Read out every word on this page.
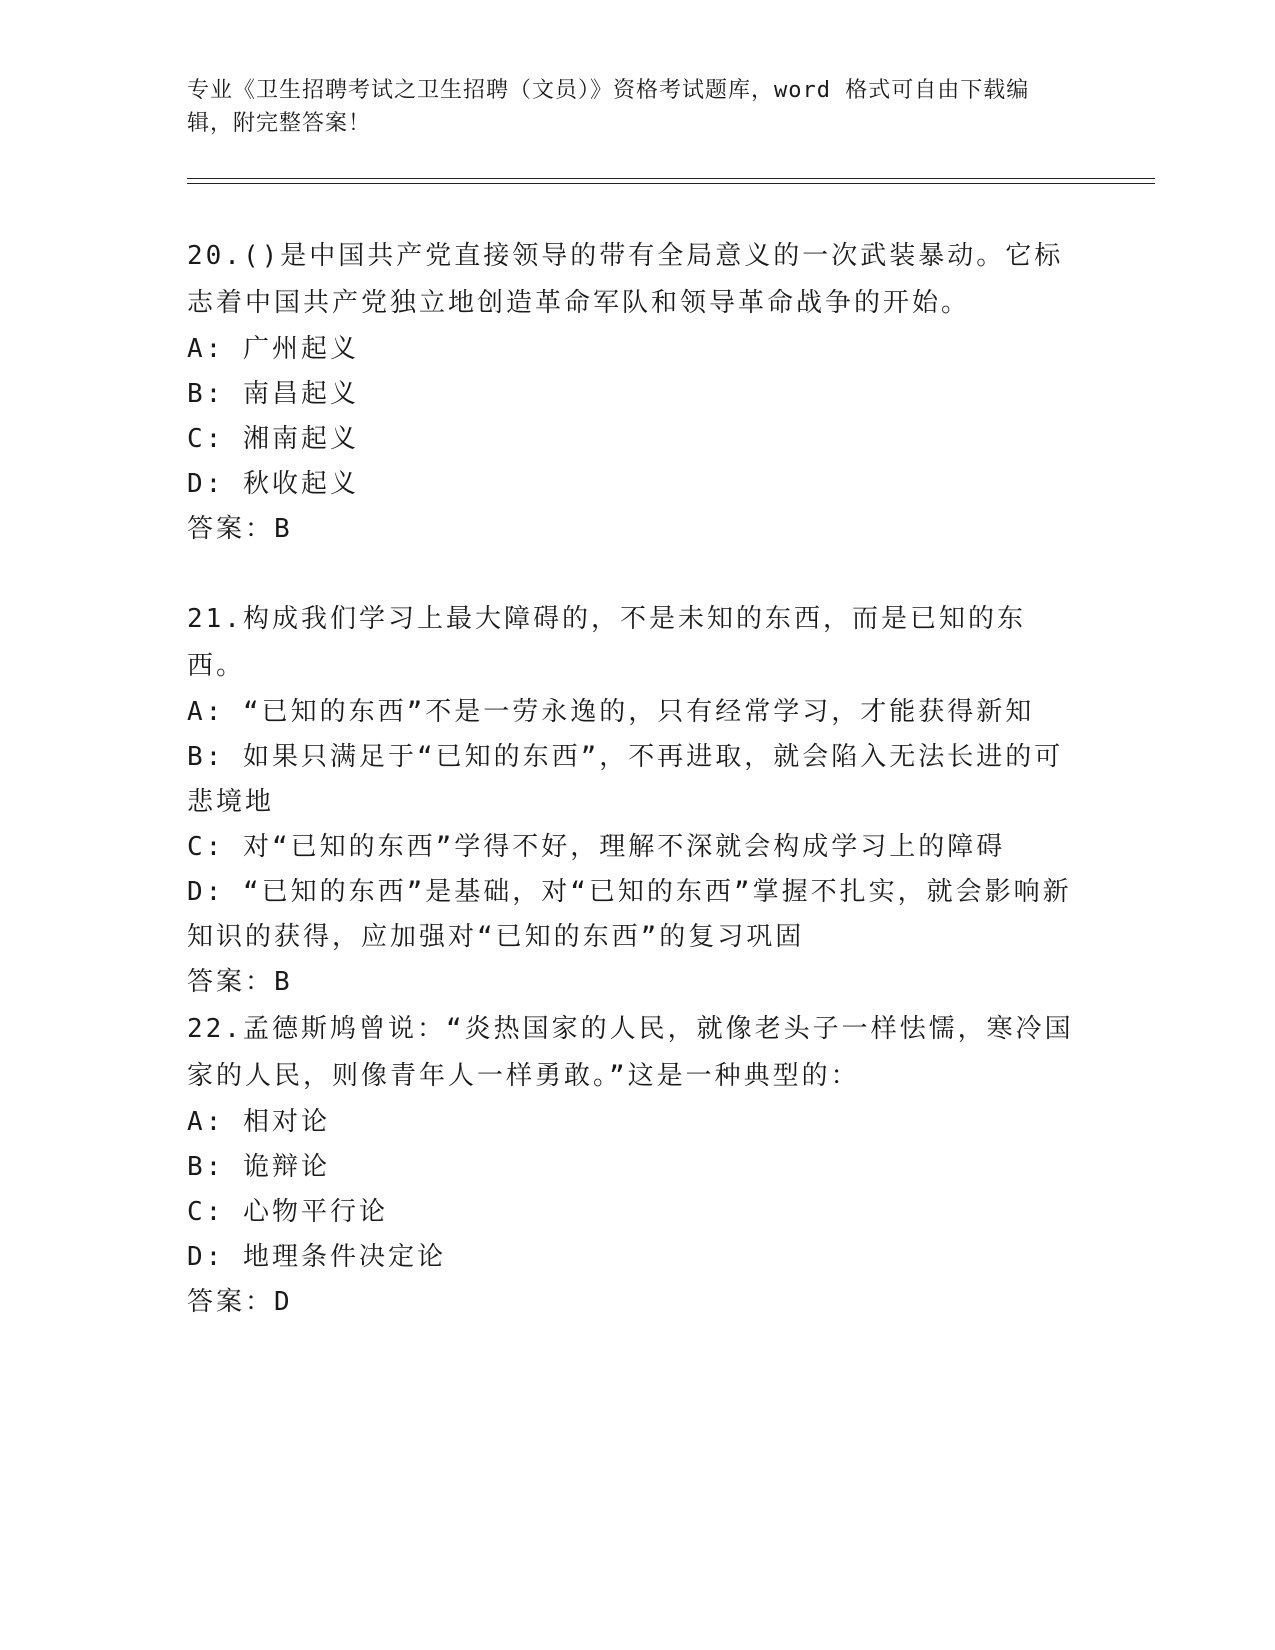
专业《卫生招聘考试之卫生招聘（文员）》资格考试题库，word 格式可自由下载编辑，附完整答案！
20.()是中国共产党直接领导的带有全局意义的一次武装暴动。它标志着中国共产党独立地创造革命军队和领导革命战争的开始。
A: 广州起义
B: 南昌起义
C: 湘南起义
D: 秋收起义
答案：B
21.构成我们学习上最大障碍的，不是未知的东西，而是已知的东西。
A: “已知的东西”不是一劳永逸的，只有经常学习，才能获得新知
B: 如果只满足于“已知的东西”，不再进取，就会陷入无法长进的可悲境地
C: 对“已知的东西”学得不好，理解不深就会构成学习上的障碍
D: “已知的东西”是基础，对“已知的东西”掌握不扎实，就会影响新知识的获得，应加强对“已知的东西”的复习巩固
答案：B
22.孟德斯鸠曾说：“炎热国家的人民，就像老头子一样怯懦，寒冷国家的人民，则像青年人一样勇敢。”这是一种典型的：
A: 相对论
B: 诡辩论
C: 心物平行论
D: 地理条件决定论
答案：D
